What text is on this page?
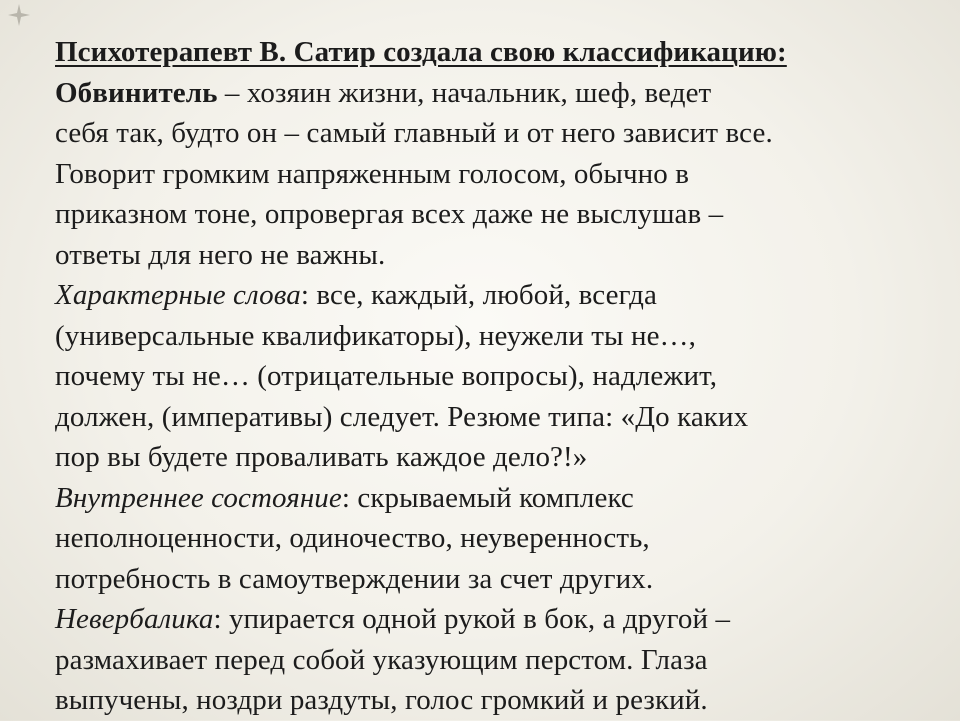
Психотерапевт В. Сатир создала свою классификацию:
Обвинитель – хозяин жизни, начальник, шеф, ведет
себя так, будто он – самый главный и от него зависит все.
Говорит громким напряженным голосом, обычно в
приказном тоне, опровергая всех даже не выслушав –
ответы для него не важны.
Характерные слова: все, каждый, любой, всегда
(универсальные квалификаторы), неужели ты не…,
почему ты не… (отрицательные вопросы), надлежит,
должен, (императивы) следует. Резюме типа: «До каких
пор вы будете проваливать каждое дело?!»
Внутреннее состояние: скрываемый комплекс
неполноценности, одиночество, неуверенность,
потребность в самоутверждении за счет других.
Невербалика: упирается одной рукой в бок, а другой –
размахивает перед собой указующим перстом. Глаза
выпучены, ноздри раздуты, голос громкий и резкий.
